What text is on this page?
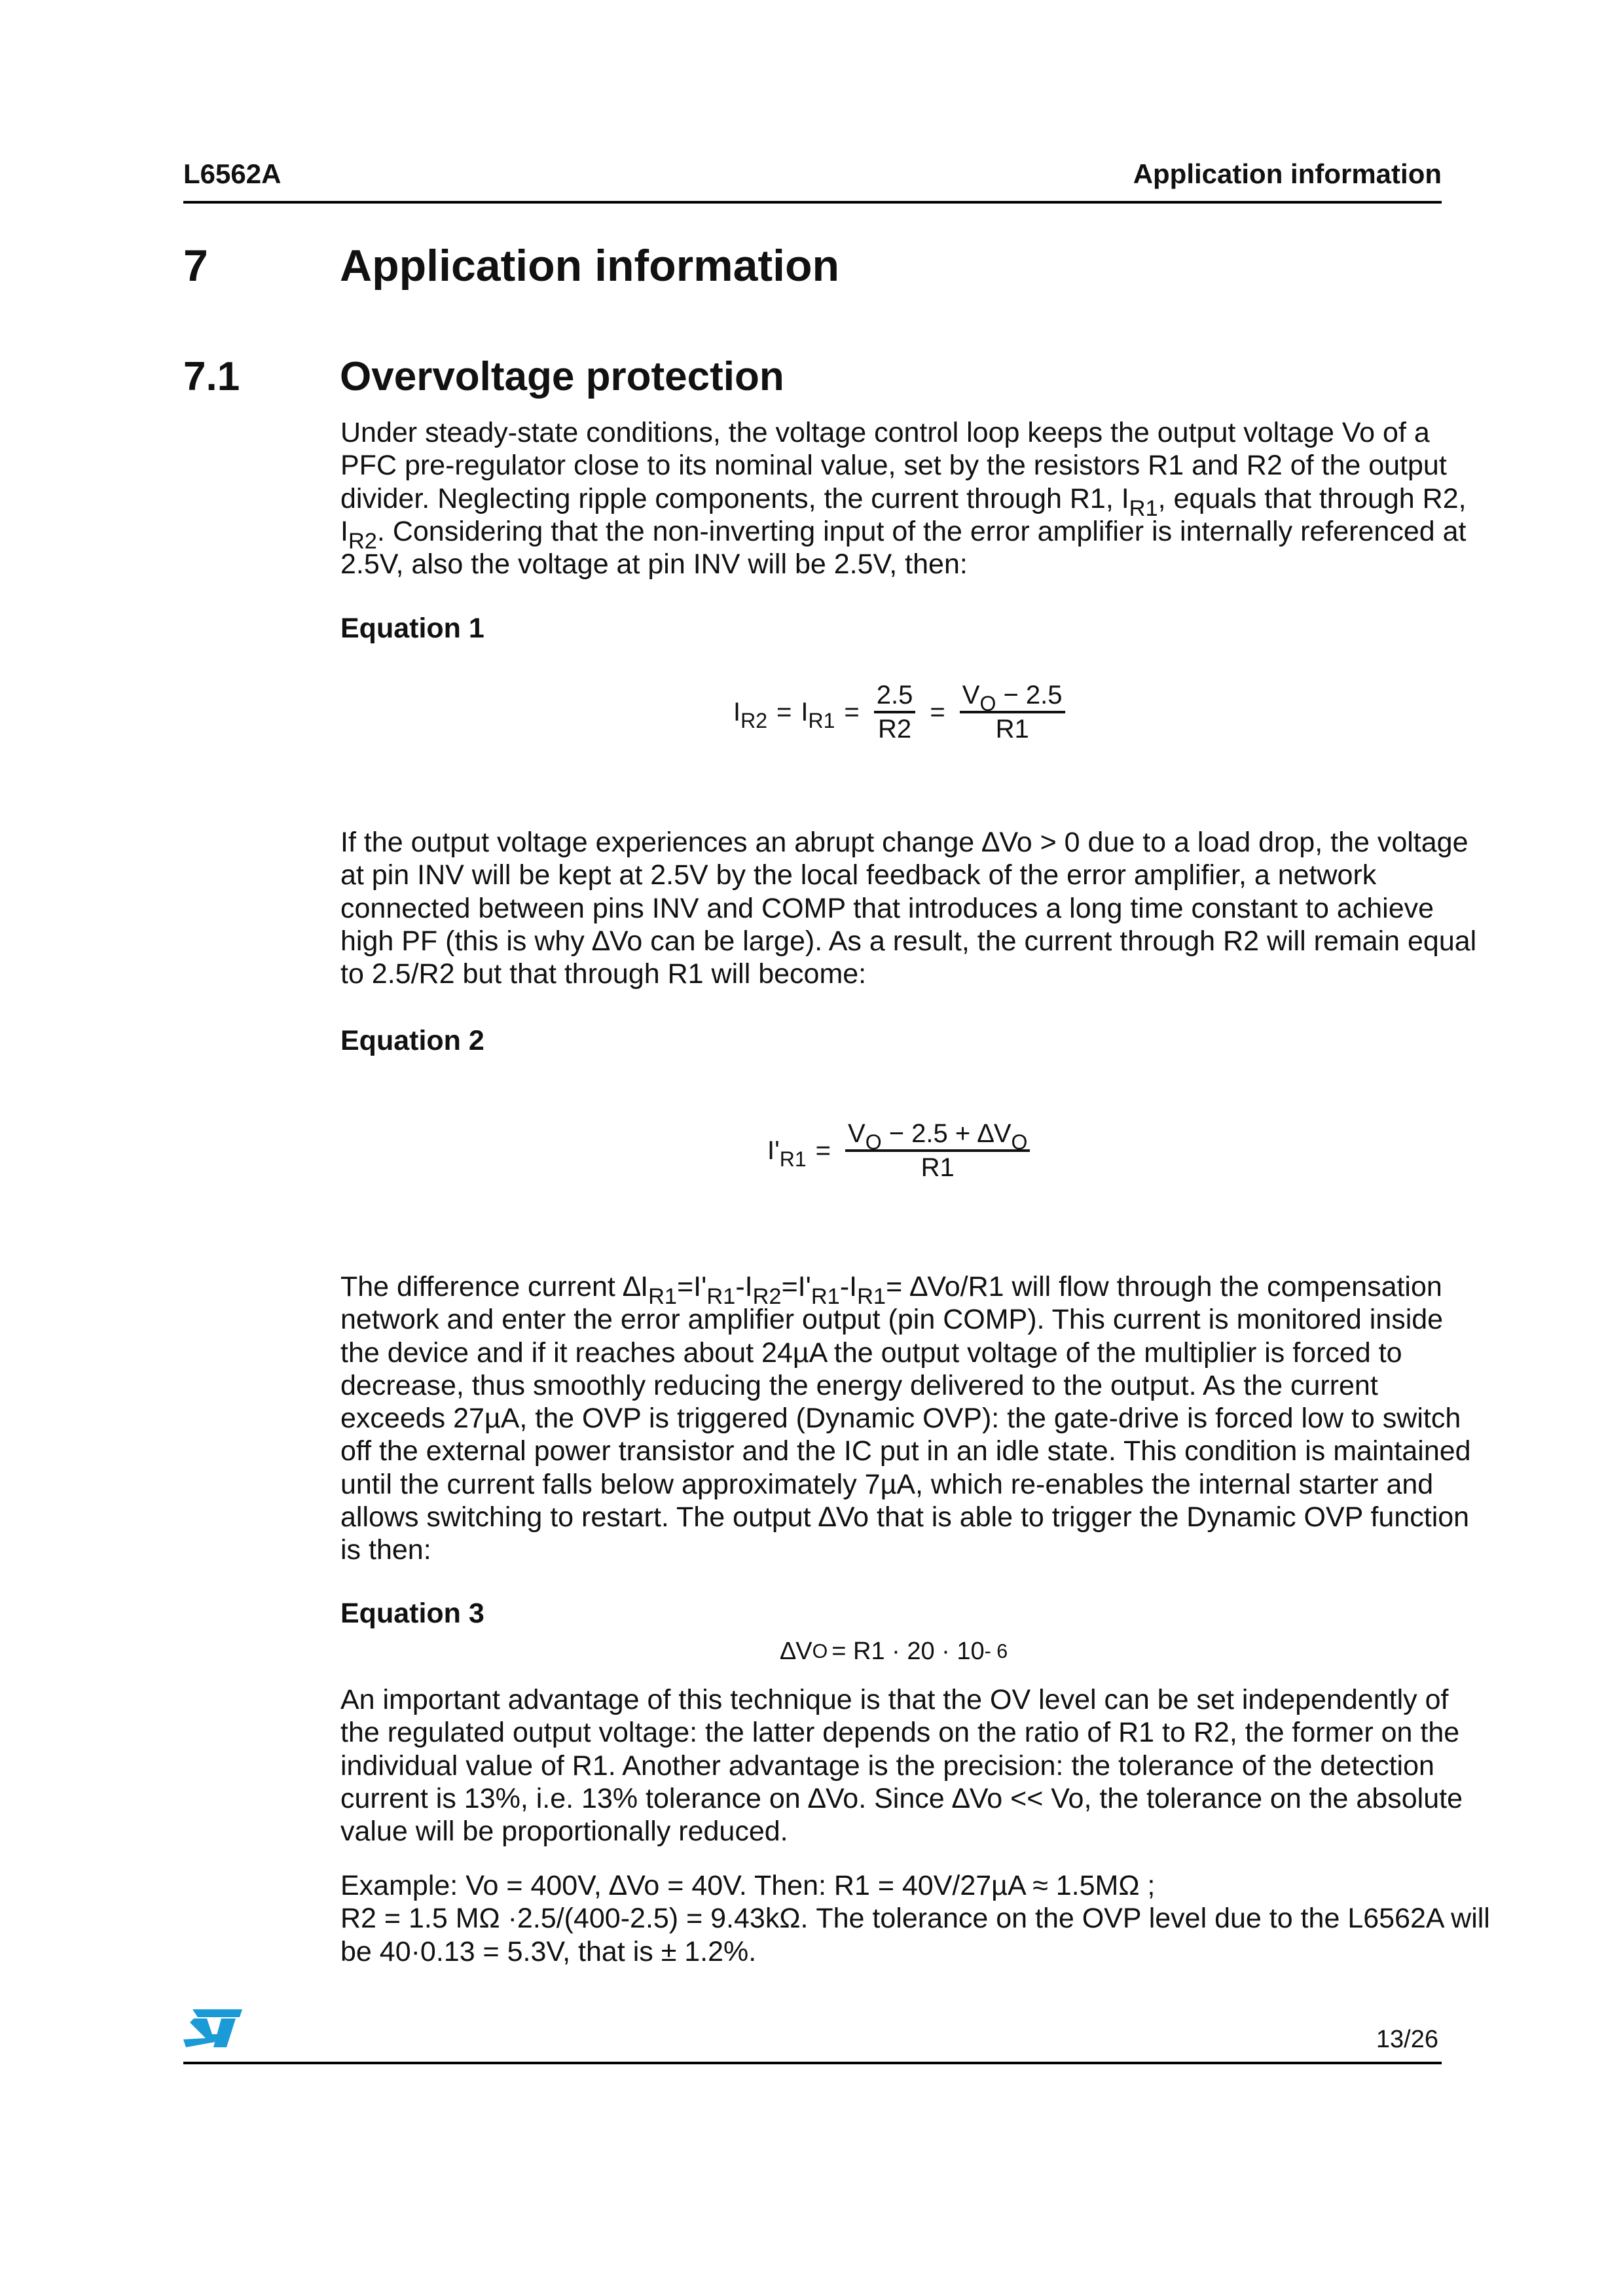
L6562A	Application information
7	Application information
7.1 Overvoltage protection
Under steady-state conditions, the voltage control loop keeps the output voltage Vo of a
PFC pre-regulator close to its nominal value, set by the resistors R1 and R2 of the output
divider. Neglecting ripple components, the current through R1, $I_{R1}$, equals that through R2,
$I_{R2}$. Considering that the non-inverting input of the error amplifier is internally referenced at
2.5V, also the voltage at pin INV will be 2.5V, then:
Equation 1
$I_{R2} = I_{R1} = \frac{2.5}{R2} = \frac{V_O - 2.5}{R1}$
If the output voltage experiences an abrupt change ∆Vo > 0 due to a load drop, the voltage
at pin INV will be kept at 2.5V by the local feedback of the error amplifier, a network
connected between pins INV and COMP that introduces a long time constant to achieve
high PF (this is why ∆Vo can be large). As a result, the current through R2 will remain equal
to 2.5/R2 but that through R1 will become:
Equation 2
$I'_{R1} = \frac{V_O - 2.5 + \Delta V_O}{R1}$
The difference current $\Delta I_{R1}=I'_{R1}-I_{R2}=I'_{R1}-I_{R1}= \Delta Vo/R1$ will flow through the compensation
network and enter the error amplifier output (pin COMP). This current is monitored inside
the device and if it reaches about 24µA the output voltage of the multiplier is forced to
decrease, thus smoothly reducing the energy delivered to the output. As the current
exceeds 27µA, the OVP is triggered (Dynamic OVP): the gate-drive is forced low to switch
off the external power transistor and the IC put in an idle state. This condition is maintained
until the current falls below approximately 7µA, which re-enables the internal starter and
allows switching to restart. The output ∆Vo that is able to trigger the Dynamic OVP function
is then:
Equation 3
∆V O = R1 · 20 · 10 - 6
An important advantage of this technique is that the OV level can be set independently of
the regulated output voltage: the latter depends on the ratio of R1 to R2, the former on the
individual value of R1. Another advantage is the precision: the tolerance of the detection
current is 13%, i.e. 13% tolerance on ∆Vo. Since ∆Vo << Vo, the tolerance on the absolute
value will be proportionally reduced.
Example: Vo = 400V, ∆Vo = 40V. Then: R1 = 40V/27µA ≈ 1.5MΩ ;
R2 = 1.5 MΩ ·2.5/(400-2.5) = 9.43kΩ. The tolerance on the OVP level due to the L6562A will
be 40·0.13 = 5.3V, that is ± 1.2%.
13/26
